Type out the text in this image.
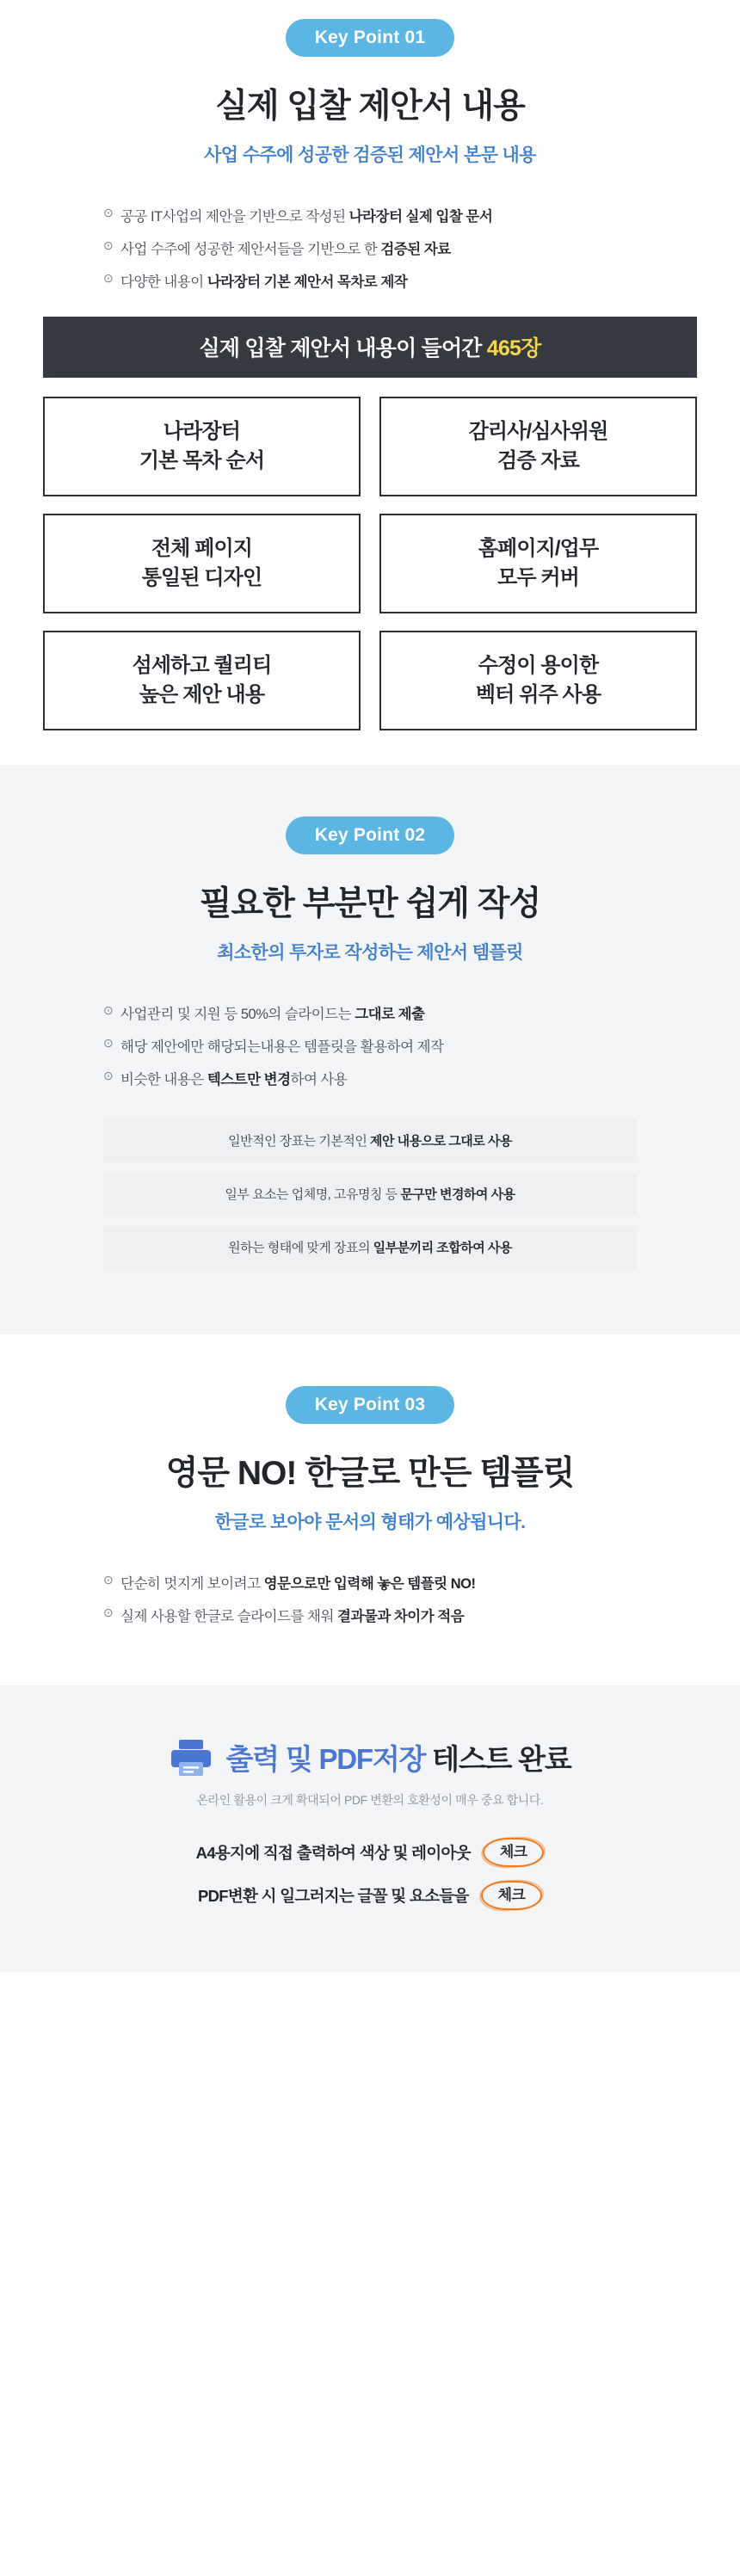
Key Point 01
실제 입찰 제안서 내용
사업 수주에 성공한 검증된 제안서 본문 내용
⊙ 공공 IT사업의 제안을 기반으로 작성된 나라장터 실제 입찰 문서
⊙ 사업 수주에 성공한 제안서들을 기반으로 한 검증된 자료
⊙ 다양한 내용이 나라장터 기본 제안서 목차로 제작
실제 입찰 제안서 내용이 들어간 465장
나라장터
기본 목차 순서
감리사/심사위원
검증 자료
전체 페이지
통일된 디자인
홈페이지/업무
모두 커버
섬세하고 퀄리티
높은 제안 내용
수정이 용이한
벡터 위주 사용
Key Point 02
필요한 부분만 쉽게 작성
최소한의 투자로 작성하는 제안서 템플릿
⊙ 사업관리 및 지원 등 50%의 슬라이드는 그대로 제출
⊙ 해당 제안에만 해당되는내용은 템플릿을 활용하여 제작
⊙ 비슷한 내용은 텍스트만 변경하여 사용
일반적인 장표는 기본적인 제안 내용으로 그대로 사용
일부 요소는 업체명, 고유명칭 등 문구만 변경하여 사용
원하는 형태에 맞게 장표의 일부분끼리 조합하여 사용
Key Point 03
영문 NO! 한글로 만든 템플릿
한글로 보아야 문서의 형태가 예상됩니다.
⊙ 단순히 멋지게 보이려고 영문으로만 입력해 놓은 템플릿 NO!
⊙ 실제 사용할 한글로 슬라이드를 채워 결과물과 차이가 적음
출력 및 PDF저장 테스트 완료
온라인 활용이 크게 확대되어 PDF 변환의 호환성이 매우 중요 합니다.
A4용지에 직접 출력하여 색상 및 레이아웃	체크
PDF변환 시 일그러지는 글꼴 및 요소들을	체크
